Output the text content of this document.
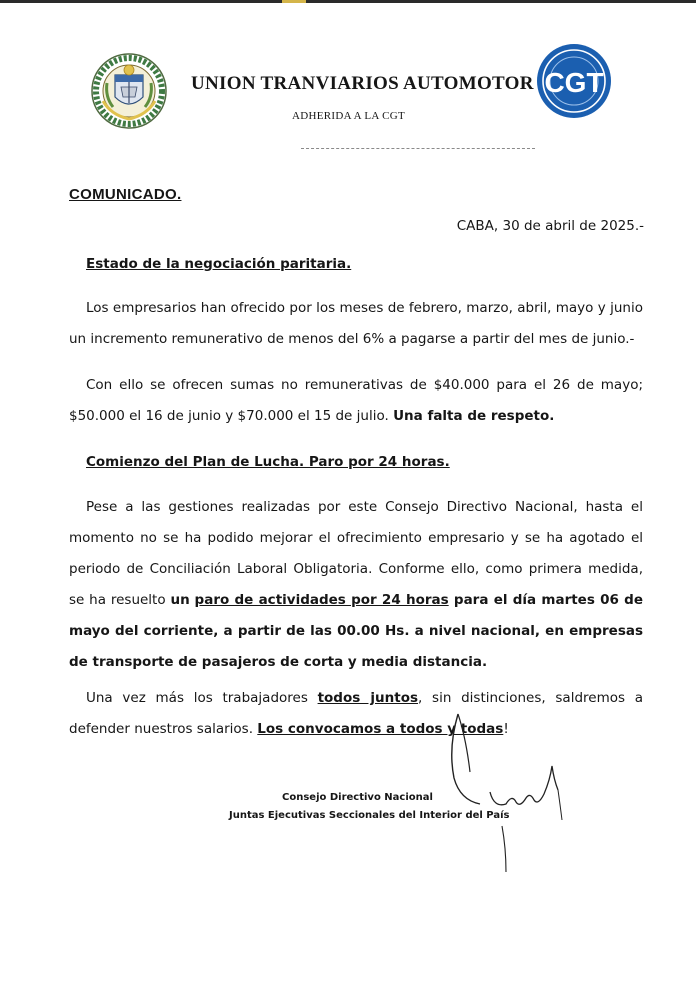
UNION TRANVIARIOS AUTOMOTOR
ADHERIDA A LA CGT
CGT
COMUNICADO.
CABA, 30 de abril de 2025.-
Estado de la negociación paritaria.
Los empresarios han ofrecido por los meses de febrero, marzo, abril, mayo y junio un incremento remunerativo de menos del 6% a pagarse a partir del mes de junio.-
Con ello se ofrecen sumas no remunerativas de $40.000 para el 26 de mayo; $50.000 el 16 de junio y $70.000 el 15 de julio. Una falta de respeto.
Comienzo del Plan de Lucha. Paro por 24 horas.
Pese a las gestiones realizadas por este Consejo Directivo Nacional, hasta el momento no se ha podido mejorar el ofrecimiento empresario y se ha agotado el periodo de Conciliación Laboral Obligatoria. Conforme ello, como primera medida, se ha resuelto un paro de actividades por 24 horas para el día martes 06 de mayo del corriente, a partir de las 00.00 Hs. a nivel nacional, en empresas de transporte de pasajeros de corta y media distancia.
Una vez más los trabajadores todos juntos, sin distinciones, saldremos a defender nuestros salarios. Los convocamos a todos y todas!
Consejo Directivo Nacional
Juntas Ejecutivas Seccionales del Interior del País
